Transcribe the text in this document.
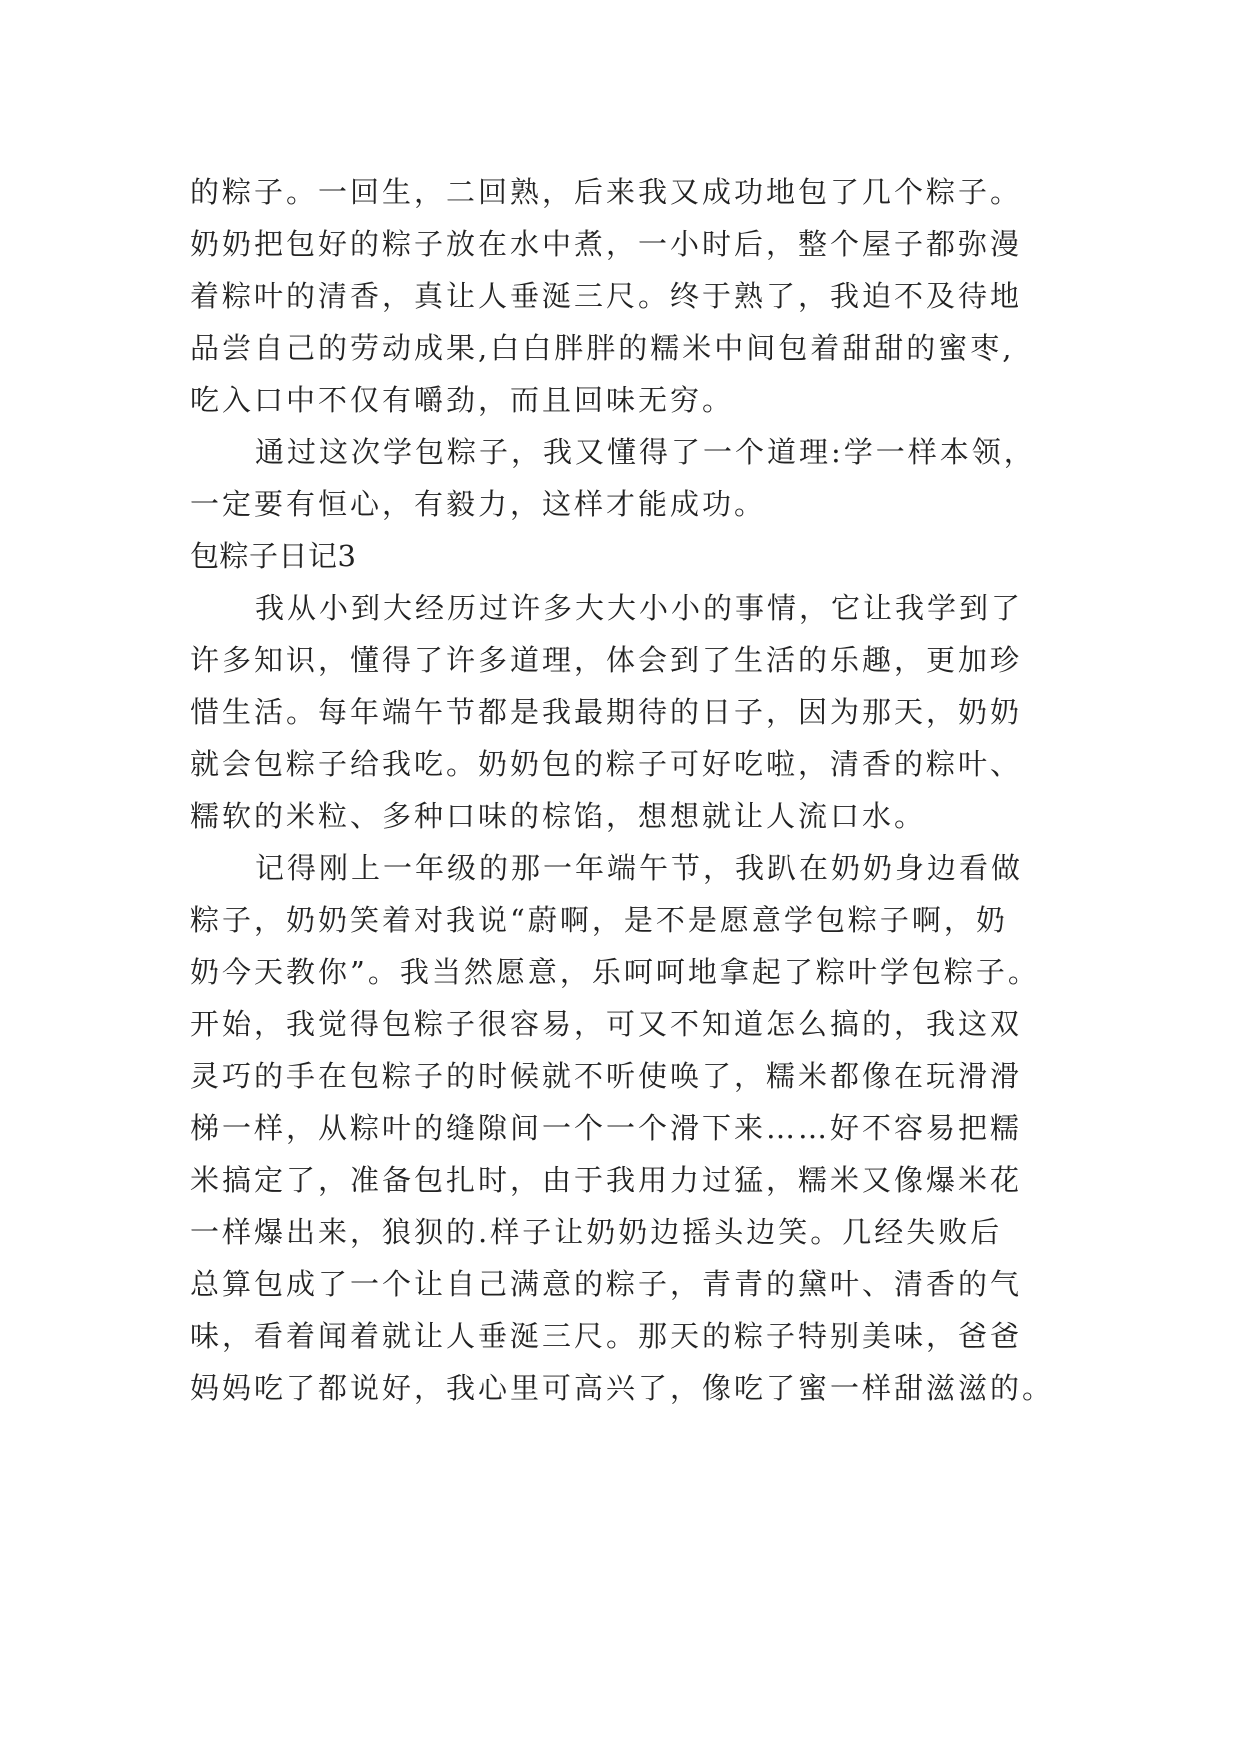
的粽子。一回生，二回熟，后来我又成功地包了几个粽子。
奶奶把包好的粽子放在水中煮，一小时后，整个屋子都弥漫
着粽叶的清香，真让人垂涎三尺。终于熟了，我迫不及待地
品尝自己的劳动成果,白白胖胖的糯米中间包着甜甜的蜜枣,
吃入口中不仅有嚼劲，而且回味无穷。
通过这次学包粽子，我又懂得了一个道理:学一样本领，
一定要有恒心，有毅力，这样才能成功。
包粽子日记3
我从小到大经历过许多大大小小的事情，它让我学到了
许多知识，懂得了许多道理，体会到了生活的乐趣，更加珍
惜生活。每年端午节都是我最期待的日子，因为那天，奶奶
就会包粽子给我吃。奶奶包的粽子可好吃啦，清香的粽叶、
糯软的米粒、多种口味的棕馅，想想就让人流口水。
记得刚上一年级的那一年端午节，我趴在奶奶身边看做
粽子，奶奶笑着对我说“蔚啊，是不是愿意学包粽子啊，奶
奶今天教你”。我当然愿意，乐呵呵地拿起了粽叶学包粽子。
开始，我觉得包粽子很容易，可又不知道怎么搞的，我这双
灵巧的手在包粽子的时候就不听使唤了，糯米都像在玩滑滑
梯一样，从粽叶的缝隙间一个一个滑下来……好不容易把糯
米搞定了，准备包扎时，由于我用力过猛，糯米又像爆米花
一样爆出来，狼狈的.样子让奶奶边摇头边笑。几经失败后
总算包成了一个让自己满意的粽子，青青的黛叶、清香的气
味，看着闻着就让人垂涎三尺。那天的粽子特别美味，爸爸
妈妈吃了都说好，我心里可高兴了，像吃了蜜一样甜滋滋的。
